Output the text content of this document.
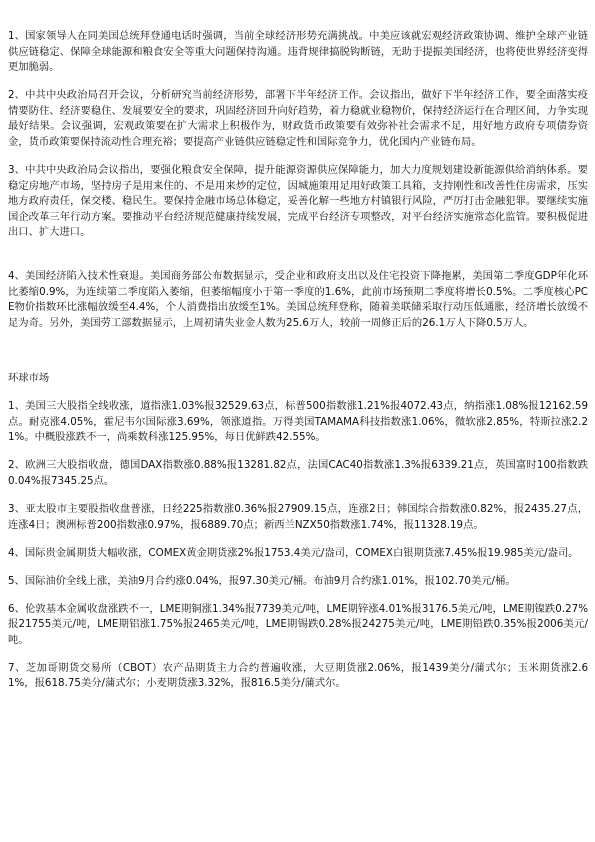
1、国家领导人在同美国总统拜登通电话时强调，当前全球经济形势充满挑战。中美应该就宏观经济政策协调、维护全球产业链供应链稳定、保障全球能源和粮食安全等重大问题保持沟通。违背规律搞脱钩断链，无助于提振美国经济，也将使世界经济变得更加脆弱。

2、中共中央政治局召开会议，分析研究当前经济形势，部署下半年经济工作。会议指出，做好下半年经济工作，要全面落实疫情要防住、经济要稳住、发展要安全的要求，巩固经济回升向好趋势，着力稳就业稳物价，保持经济运行在合理区间，力争实现最好结果。会议强调，宏观政策要在扩大需求上积极作为，财政货币政策要有效弥补社会需求不足，用好地方政府专项债券资金，货币政策要保持流动性合理充裕；要提高产业链供应链稳定性和国际竞争力，优化国内产业链布局。

3、中共中央政治局会议指出，要强化粮食安全保障，提升能源资源供应保障能力，加大力度规划建设新能源供给消纳体系。要稳定房地产市场，坚持房子是用来住的、不是用来炒的定位，因城施策用足用好政策工具箱，支持刚性和改善性住房需求，压实地方政府责任，保交楼、稳民生。要保持金融市场总体稳定，妥善化解一些地方村镇银行风险，严厉打击金融犯罪。要继续实施国企改革三年行动方案。要推动平台经济规范健康持续发展，完成平台经济专项整改，对平台经济实施常态化监管。要积极促进出口、扩大进口。

4、美国经济陷入技术性衰退。美国商务部公布数据显示，受企业和政府支出以及住宅投资下降拖累，美国第二季度GDP年化环比萎缩0.9%，为连续第二季度陷入萎缩，但萎缩幅度小于第一季度的1.6%，此前市场预期二季度将增长0.5%。二季度核心PCE物价指数环比涨幅放缓至4.4%，个人消费指出放缓至1%。美国总统拜登称，随着美联储采取行动压低通胀，经济增长放缓不足为奇。另外，美国劳工部数据显示，上周初请失业金人数为25.6万人，较前一周修正后的26.1万人下降0.5万人。

环球市场

1、美国三大股指全线收涨，道指涨1.03%报32529.63点，标普500指数涨1.21%报4072.43点，纳指涨1.08%报12162.59点。耐克涨4.05%，霍尼韦尔国际涨3.69%，领涨道指。万得美国TAMAMA科技指数涨1.06%，微软涨2.85%，特斯拉涨2.21%。中概股涨跌不一，尚乘数科涨125.95%，每日优鲜跌42.55%。

2、欧洲三大股指收盘，德国DAX指数涨0.88%报13281.82点，法国CAC40指数涨1.3%报6339.21点，英国富时100指数跌0.04%报7345.25点。

3、亚太股市主要股指收盘普涨，日经225指数涨0.36%报27909.15点，连涨2日；韩国综合指数涨0.82%，报2435.27点，连涨4日；澳洲标普200指数涨0.97%，报6889.70点；新西兰NZX50指数涨1.74%，报11328.19点。

4、国际贵金属期货大幅收涨，COMEX黄金期货涨2%报1753.4美元/盎司，COMEX白银期货涨7.45%报19.985美元/盎司。

5、国际油价全线上涨，美油9月合约涨0.04%，报97.30美元/桶。布油9月合约涨1.01%，报102.70美元/桶。

6、伦敦基本金属收盘涨跌不一，LME期铜涨1.34%报7739美元/吨，LME期锌涨4.01%报3176.5美元/吨，LME期镍跌0.27%报21755美元/吨，LME期铝涨1.75%报2465美元/吨，LME期锡跌0.28%报24275美元/吨，LME期铅跌0.35%报2006美元/吨。

7、芝加哥期货交易所（CBOT）农产品期货主力合约普遍收涨，大豆期货涨2.06%，报1439美分/蒲式尔；玉米期货涨2.61%，报618.75美分/蒲式尔；小麦期货涨3.32%，报816.5美分/蒲式尔。
